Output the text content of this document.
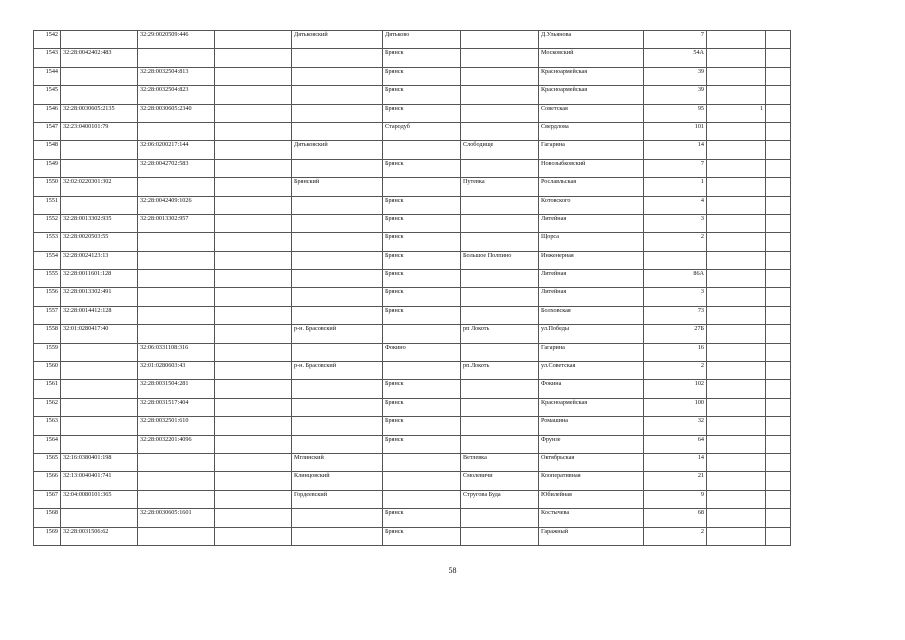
1542		32:29:0020509:446		Дятьковский	Дятьково		Д.Ульянова	7		
1543	32:28:0042402:483				Брянск		Московский	54А		
1544		32:28:0032504:813			Брянск		Красноармейская	39		
1545		32:28:0032504:823			Брянск		Красноармейская	39		
1546	32:28:0030605:2135	32:28:0030605:2340			Брянск		Советская	95	1	
1547	32:23:0400101:79				Стародуб		Свердлова	101		
1548		32:06:0200217:144		Дятьковский		Слободище	Гагарина	14		
1549		32:28:0042702:583			Брянск		Новозыбковский	7		
1550	32:02:0220301:302			Брянский		Путевка	Рославльская	1		
1551		32:28:0042409:1026			Брянск		Котовского	4		
1552	32:28:0013302:935	32:28:0013302:957			Брянск		Литейная	3		
1553	32:28:0020503:55				Брянск		Щорса	2		
1554	32:28:0024123:13				Брянск	Большое Полпино	Инженерная			
1555	32:28:0011601:128				Брянск		Литейная	86А		
1556	32:28:0013302:491				Брянск		Литейная	3		
1557	32:28:0014412:128				Брянск		Болховская	73		
1558	32:01:0280417:40			р-н. Брасовский		рп Локоть	ул.Победы	27Б		
1559		32:06:0331108:316			Фокино		Гагарина	16		
1560		32:01:0280603:43		р-н. Брасовский		рп.Локоть	ул.Советская	2		
1561		32:28:0031504:281			Брянск		Фокина	102		
1562		32:28:0031517:404			Брянск		Красноармейская	100		
1563		32:28:0032501:610			Брянск		Ромашина	32		
1564		32:28:0032201:4096			Брянск		Фрунзе	64		
1565	32:16:0380401:198			Мглинский		Ветлевка	Октябрьская	14		
1566	32:13:0040401:741			Клинцовский		Смолевичи	Кооперативная	21		
1567	32:04:0080101:365			Гордеевский		Струговa Буда	Юбилейная	9		
1568		32:28:0030605:1601			Брянск		Костычева	68		
1569	32:28:0031506:62				Брянск		Гаражный	2		
58
